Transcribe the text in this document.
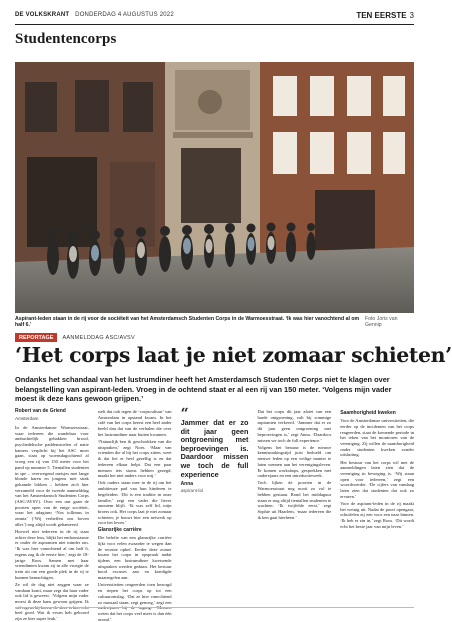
DE VOLKSKRANT DONDERDAG 4 AUGUSTUS 2022	TEN EERSTE 3
Studentencorps
Aspirant-leden staan in de rij voor de sociëteit van het Amsterdamsch Studenten Corps in de Warmoesstraat. ‘Ik was hier vanochtend al om half 6.’
Foto Joris van Gennip
REPORTAGE	AANMELDDAG ASC/AVSV
‘Het corps laat je niet zomaar schieten’
Ondanks het schandaal van het lustrumdiner heeft het Amsterdamsch Studenten Corps niet te klagen over belangstelling van aspirant-leden. Vroeg in de ochtend staat er al een rij van 150 meter. ‘Volgens mijn vader moest ik deze kans gewoon grijpen.’

Robert van de Griend

Amsterdam

In de Amsterdamse Warmoesstraat, waar iedereen die wandelaar voor ambachtelijk gebakken brood, psychedelische paddenstoelen of natte kamers verplicht bij het ASC moet gaan, staat op woensdagochtend al vroeg een rij van 150 meter voor het pand op nummer 5. Tientallen studenten in spe – overwegend meisjes met lange blonde haren en jongens met strak gekamde lokken – hebben zich hier verzameld voor de tweede aanmelddag van het Amsterdamsch Studenten Corps (ASC/AVSV). Over een uur gaan de poorten open van de enige sociëteit, waar het adagium ‘Nos tollimus in omnia’ (‘Wij verheffen ons boven alles’) nog altijd wordt gehanteerd.

Hoewel niet iedereen in de rij staat achter deze leus, blijkt het enthousiasme er onder de aspiranten niet minder om. ‘Ik was hier vanochtend al om half 6, ergens zag ik de eerste hier,’ zegt de 18-jarige Roos. Samen met haar vriendinnen kwam zij in alle vroegte de trein uit om een goede plek in de rij te kunnen bemachtigen.

Ze wil de dag niet zeggen waar ze vandaan komt, maar zegt dat haar vader ook lid is geweest. ‘Volgens mijn vader moest ik deze kans gewoon grijpen. Ik wil ergens bij horen, de sfeer is hier echt heel goed. Wat ik ervan heb gehoord zijn ze hier super leuk.’

stelt dat ook tegen de ‘corpscultuur’ van Amsterdam in opstand kwam. In het café van het corps heerst een heel ander beeld dan dat van de verhalen die over het lustrumdiner naar buiten kwamen.

‘Natuurlijk ben ik geschrokken van die uitspraken,’ zegt Noes. ‘Maar van vrienden die al bij het corps zitten, weet ik dat het er heel gezellig is en dat iedereen elkaar helpt. Dat een paar mensen iets stoms hebben gezegd, maakt het niet anders voor mij.’

Ook ouders staan mee in de rij om het ambitieuze pad van hun kinderen te begeleiden. ‘Dit is een traditie in onze familie,’ zegt een vader die liever anoniem blijft. ‘Ik was zelf lid, mijn broers ook. Het corps laat je niet zomaar schieten; je bouwt hier een netwerk op voor het leven.’

Glansrijke carrière

Die belofte van een glansrijke carrière lijkt voor velen zwaarder te wegen dan de recente ophef. Eerder deze zomer kwam het corps in opspraak nadat tijdens een lustrumdiner kwetsende uitspraken werden gedaan. Het bestuur bood excuses aan en kondigde maatregelen aan.

Universiteiten reageerden toen bezorgd en riepen het corps op tot een cultuuromslag. ‘Dat ze hier vanochtend zo massaal staan, zegt genoeg,’ zegt een ouderejaars bij de ingang. ‘Mensen weten dat het corps veel meer is dan één avond.’

“
Jammer dat er zo dit jaar geen ontgroening met beproevingen is. Daardoor missen we toch de full experience
Anna
aspirant-lid

Dat het corps dit jaar afziet van een harde ontgroening, valt bij sommige aspiranten verkeerd. ‘Jammer dat er zo dit jaar geen ontgroening met beproevingen is,’ zegt Anna. ‘Daardoor missen we toch de full experience.’

Volgens het bestuur is de nieuwe kennismakingstijd juist bedoeld om nieuwe leden op een veilige manier te laten wennen aan het verenigingsleven. Er komen workshops, gesprekken met ouderejaars en een introductieweek.

Toch lijken de poorten in de Warmoesstraat nog nooit zo vol te hebben gestaan. Rond het middaguur staan er nog altijd tientallen studenten te wachten. ‘Ik twijfelde eerst,’ zegt Sophie uit Haarlem, ‘maar iedereen die ik ken gaat hierheen.’

Saamhorigheid kweken

Voor de Amsterdamse universiteiten, die eerder op de incidenten van het corps reageerden, staat de komende periode in het teken van het monitoren van de vereniging. Zij willen de saamhorigheid onder studenten kweken zonder uitsluiting.

Het bestuur van het corps wil met de aanmeldingen laten zien dat de vereniging in beweging is. ‘Wij staan open voor iedereen,’ zegt een woordvoerder. ‘De cijfers van vandaag laten zien dat studenten dat ook zo ervaren.’

Voor de aspirant-leden in de rij maakt het weinig uit. Nadat de poort opengaat, schuifelen zij een voor een naar binnen. ‘Ik heb er zin in,’ zegt Roos. ‘Dit wordt echt het beste jaar van mijn leven.’
